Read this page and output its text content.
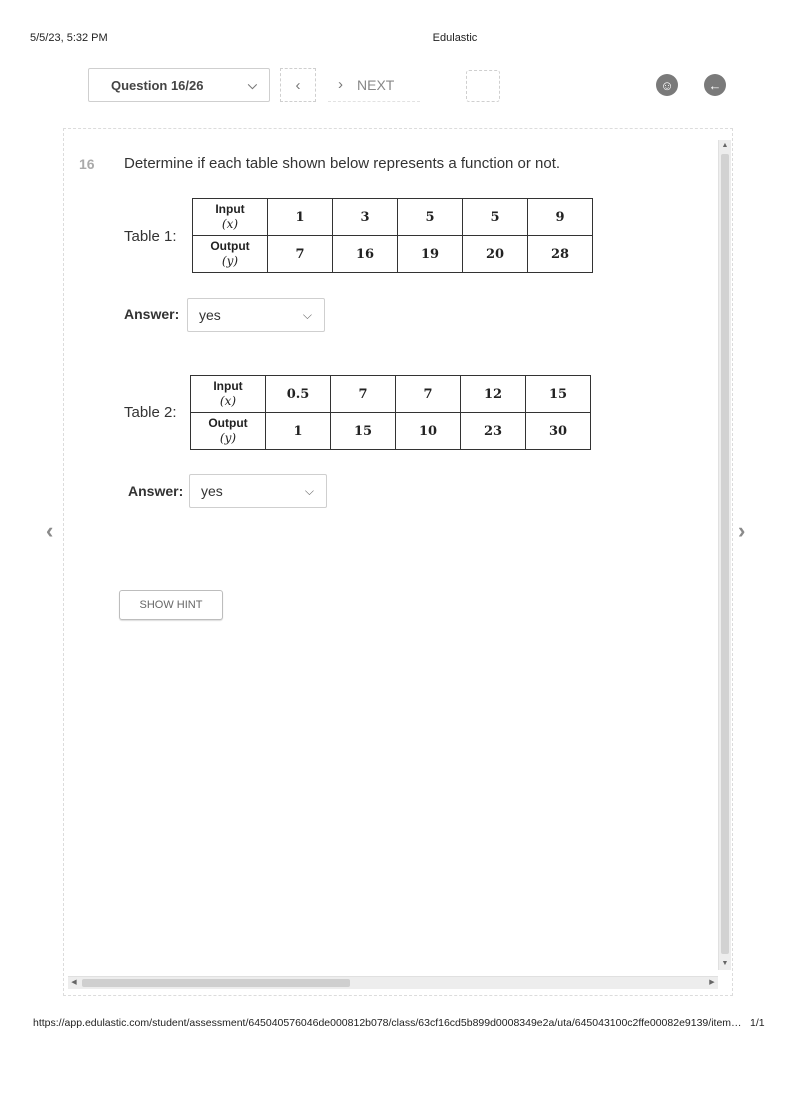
5/5/23, 5:32 PM	Edulastic
Question 16/26	⌵	‹	› NEXT	☺	←
▲
▼
◀	▶
‹	›
16 Determine if each table shown below represents a function or not.
Table 1:
Input
(x)	1	3	5	5	9
Output
(y)	7	16	19	20	28
Answer: yes	⌵
Table 2:
Input
(x)	0.5	7	7	12	15
Output
(y)	1	15	10	23	30
Answer: yes	⌵
SHOW HINT
https://app.edulastic.com/student/assessment/645040576046de000812b078/class/63cf16cd5b899d0008349e2a/uta/645043100c2ffe00082e9139/item… 1/1
